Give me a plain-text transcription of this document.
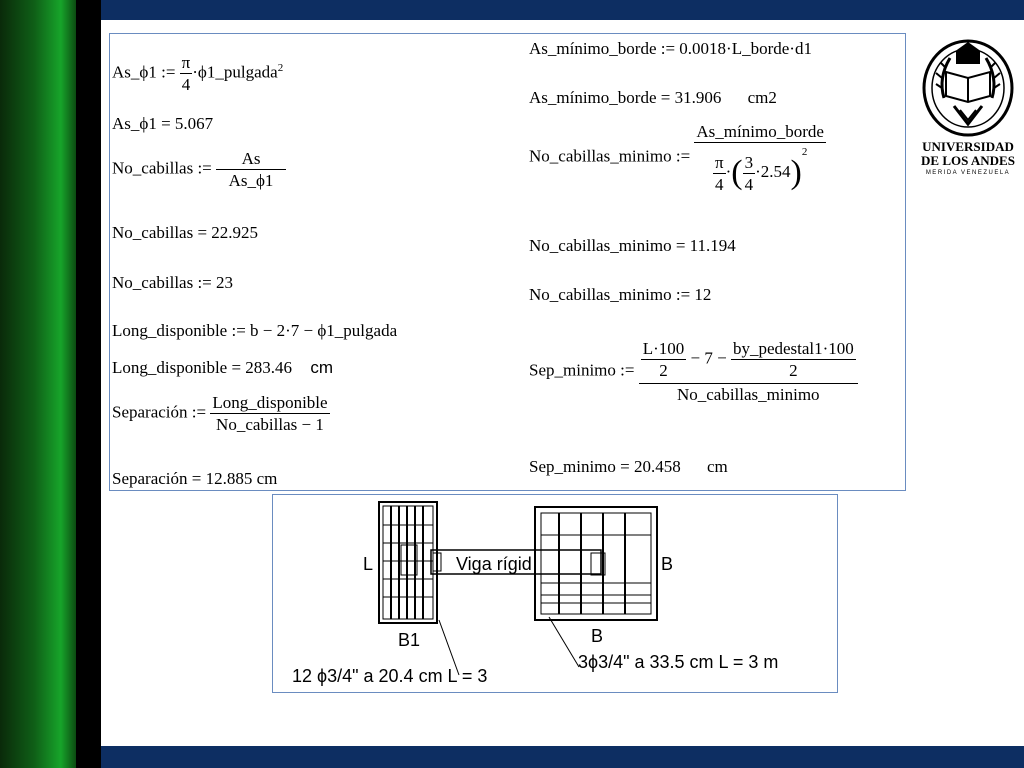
As_ϕ1 := $\frac{\pi}{4}$ ·ϕ1_pulgada$^2$
As_ϕ1 = 5.067
No_cabillas := $\frac{As}{As\_\phi 1}$
No_cabillas = 22.925
No_cabillas := 23
Long_disponible := b − 2·7 − ϕ1_pulgada
Long_disponible = 283.46 cm
Separación := $\frac{\text{Long\_disponible}}{\text{No\_cabillas − 1}}$
Separación = 12.885 cm
As_mínimo_borde := 0.0018·L_borde·d1
As_mínimo_borde = 31.906 cm2
No_cabillas_minimo := $\frac{\text{As\_mínimo\_borde}}{\frac{\pi}{4} \cdot( \frac{3}{4} \cdot 2.54)^2}$
No_cabillas_minimo = 11.194
No_cabillas_minimo := 12
Sep_minimo := $\frac{\frac{L\cdot 100}{2} - 7 - \frac{\text{by\_pedestal1·100}}{2}}{\text{No\_cabillas\_minimo}}$
Sep_minimo = 20.458 cm
Viga rígid
L	B
B1	B
12 ϕ3/4" a 20.4 cm L = 3
3ϕ3/4" a 33.5 cm L = 3 m
UNIVERSIDAD
DE LOS ANDES
MERIDA VENEZUELA
